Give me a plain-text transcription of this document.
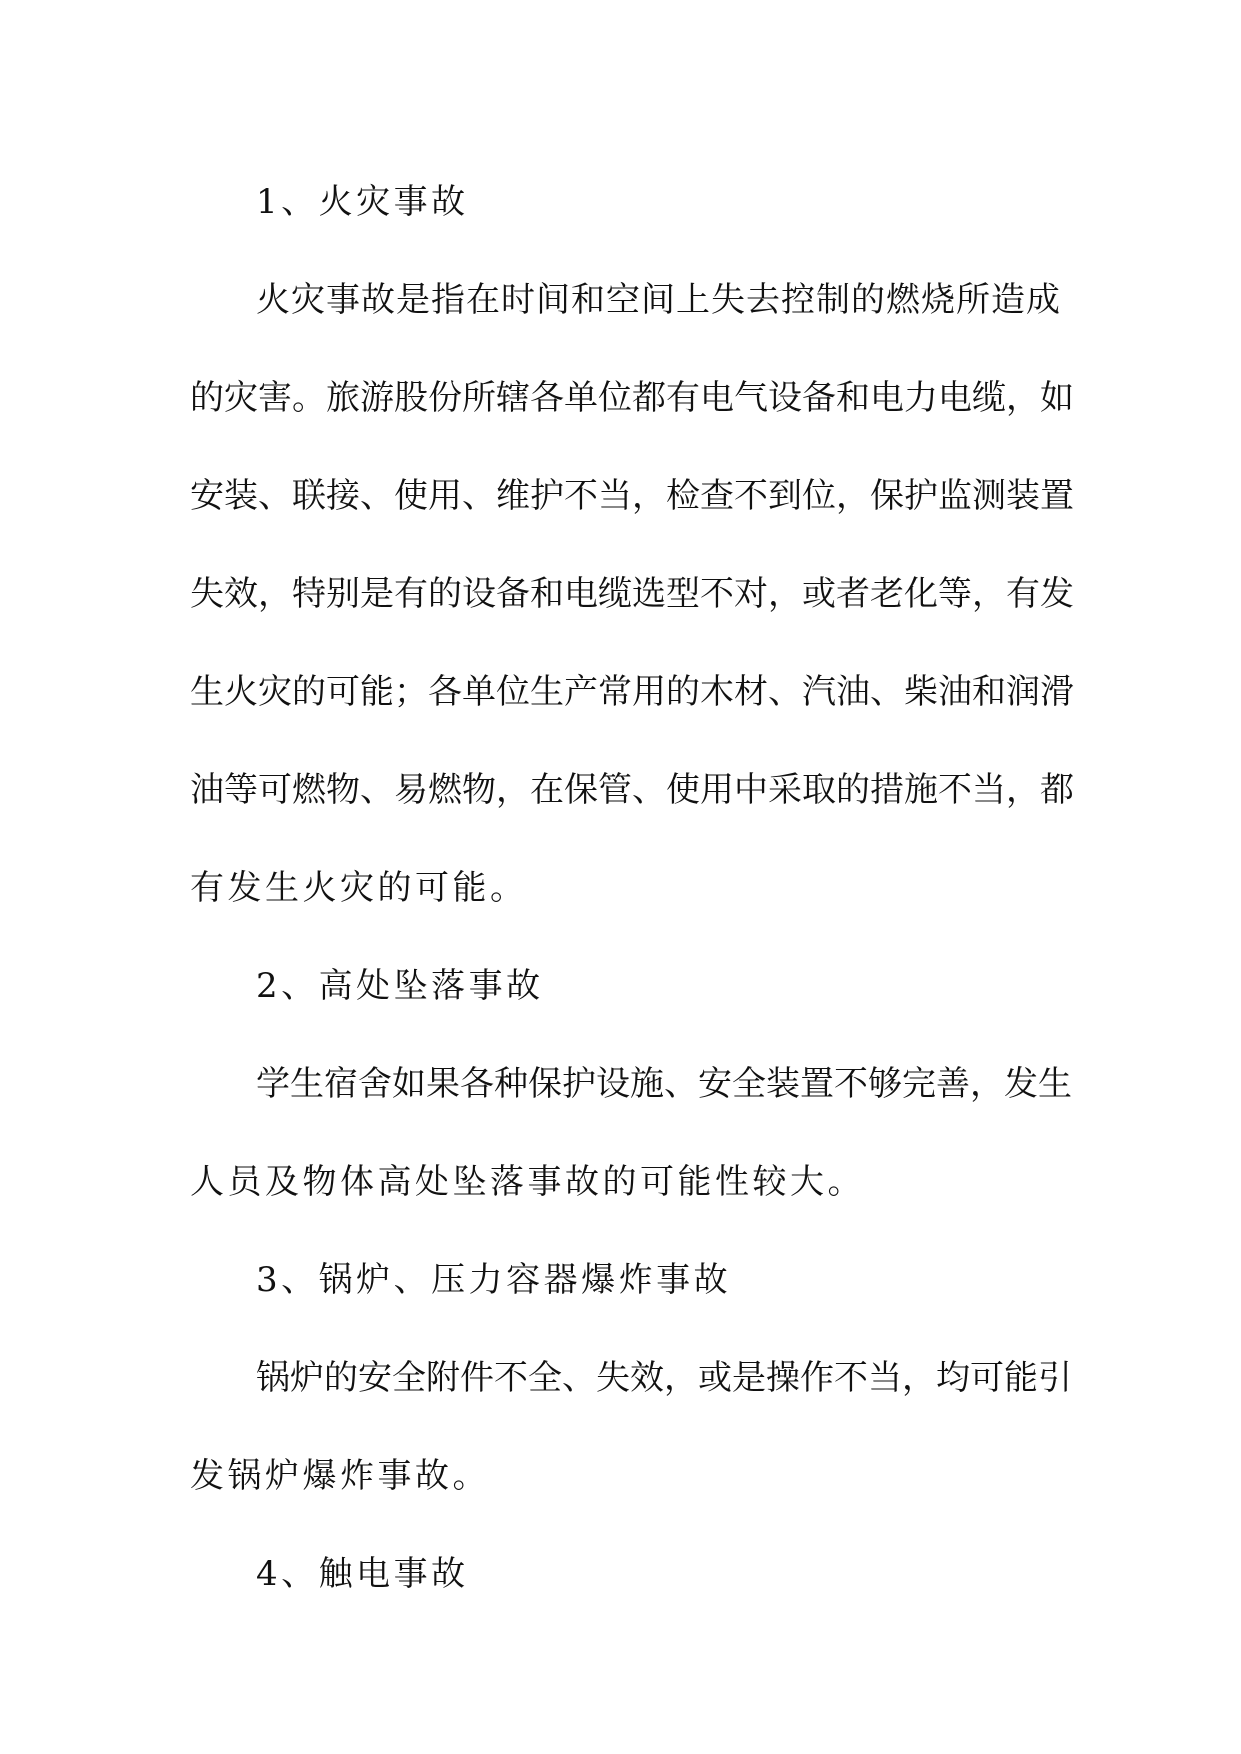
1、火灾事故
火灾事故是指在时间和空间上失去控制的燃烧所造成
的灾害。旅游股份所辖各单位都有电气设备和电力电缆，如
安装、联接、使用、维护不当，检查不到位，保护监测装置
失效，特别是有的设备和电缆选型不对，或者老化等，有发
生火灾的可能；各单位生产常用的木材、汽油、柴油和润滑
油等可燃物、易燃物，在保管、使用中采取的措施不当，都
有发生火灾的可能。
2、高处坠落事故
学生宿舍如果各种保护设施、安全装置不够完善，发生
人员及物体高处坠落事故的可能性较大。
3、锅炉、压力容器爆炸事故
锅炉的安全附件不全、失效，或是操作不当，均可能引
发锅炉爆炸事故。
4、触电事故
